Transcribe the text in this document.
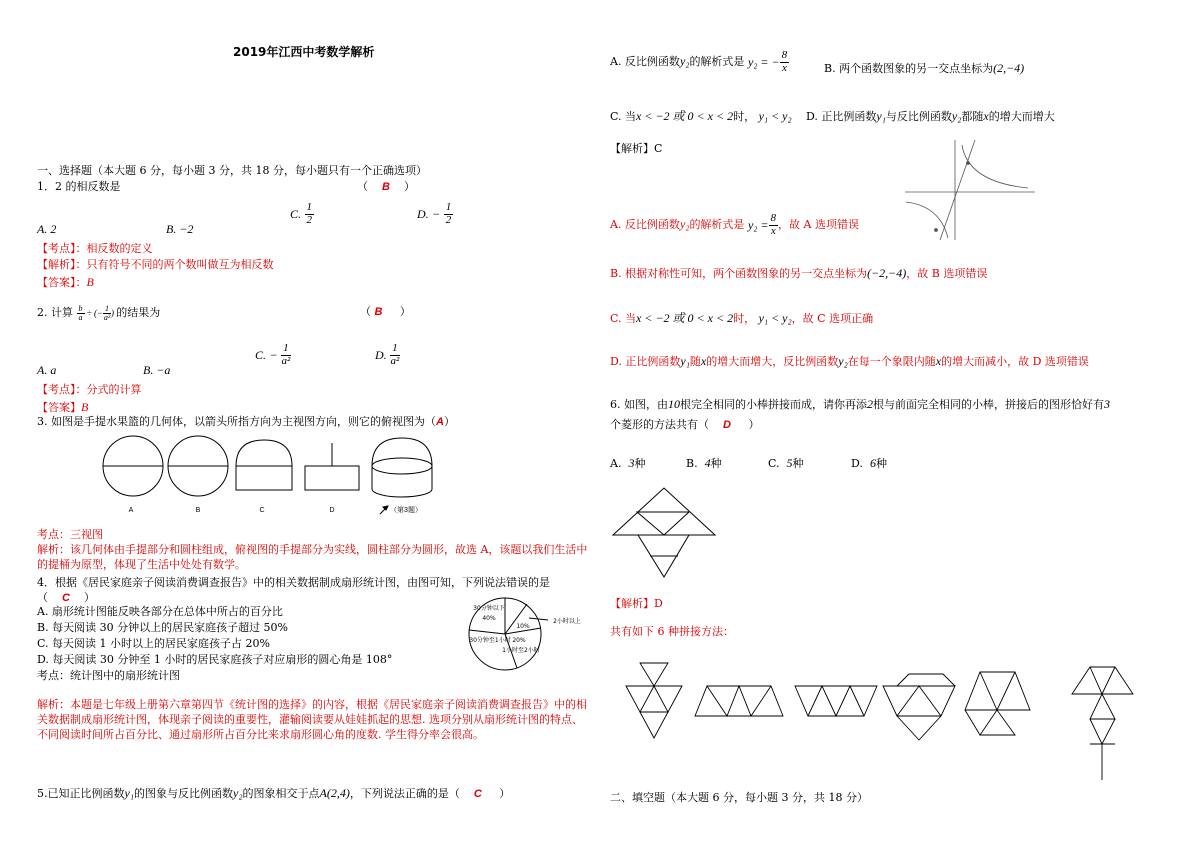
2019年江西中考数学解析
一、选择题（本大题 6 分，每小题 3 分，共 18 分，每小题只有一个正确选项）
1．2 的相反数是	（ B ）
A. 2	B. −2
C. $\frac{1}{2}$	D. − $\frac{1}{2}$
【考点】：相反数的定义
【解析】：只有符号不同的两个数叫做互为相反数
【答案】：B
2. 计算 $\frac{b}{a}$ ÷ (− $\frac{1}{\text{a²}}$ ) 的结果为	（ B     ）
A. a	B. −a
C. − $\frac{1}{\text{a²}}$	D. $\frac{1}{\text{a²}}$
【考点】：分式的计算
【答案】B
3. 如图是手提水果篮的几何体，以箭头所指方向为主视图方向，则它的俯视图为（A）
A	B	C	D	（第3题）
考点：三视图
解析：该几何体由手提部分和圆柱组成，俯视图的手提部分为实线，圆柱部分为圆形，故选 A，该题以我们生活中的提桶为原型，体现了生活中处处有数学。
4．根据《居民家庭亲子阅读消费调查报告》中的相关数据制成扇形统计图，由图可知，下列说法错误的是（ C ）
A. 扇形统计图能反映各部分在总体中所占的百分比
B. 每天阅读 30 分钟以上的居民家庭孩子超过 50%
C. 每天阅读 1 小时以上的居民家庭孩子占 20%
D. 每天阅读 30 分钟至 1 小时的居民家庭孩子对应扇形的圆心角是 108°
考点：统计图中的扇形统计图
30分钟以下
40%
10%
2小时以上
20%
1小时至2小时
30分钟至1小时
解析：本题是七年级上册第六章第四节《统计图的选择》的内容，根据《居民家庭亲子阅读消费调查报告》中的相关数据制成扇形统计图，体现亲子阅读的重要性，灌输阅读要从娃娃抓起的思想. 选项分别从扇形统计图的特点、不同阅读时间所占百分比、通过扇形所占百分比来求扇形圆心角的度数. 学生得分率会很高。
5.已知正比例函数y₁的图象与反比例函数y₂的图象相交于点A(2,4)，下列说法正确的是（ C ）
A. 反比例函数y₂的解析式是 y₂ = − $\frac{8}{x}$	B. 两个函数图象的另一交点坐标为(2,−4)
C. 当x < −2 或 0 < x < 2时， y₁ < y₂ D. 正比例函数y₁与反比例函数y₂都随x的增大而增大
【解析】C
A. 反比例函数y₂的解析式是 $y_2 = \frac{8}{x}$ ，故 A 选项错误
B. 根据对称性可知，两个函数图象的另一交点坐标为(−2,−4)，故 B 选项错误
C. 当x < −2 或 0 < x < 2时， y₁ < y₂，故 C 选项正确
D. 正比例函数y₁随x的增大而增大，反比例函数y₂在每一个象限内随x的增大而减小，故 D 选项错误
6. 如图，由10根完全相同的小棒拼接而成，请你再添2根与前面完全相同的小棒，拼接后的图形恰好有3
个菱形的方法共有（ D ）
A. 3种	B. 4种	C. 5种	D. 6种
【解析】D
共有如下 6 种拼接方法：
二、填空题（本大题 6 分，每小题 3 分，共 18 分）
